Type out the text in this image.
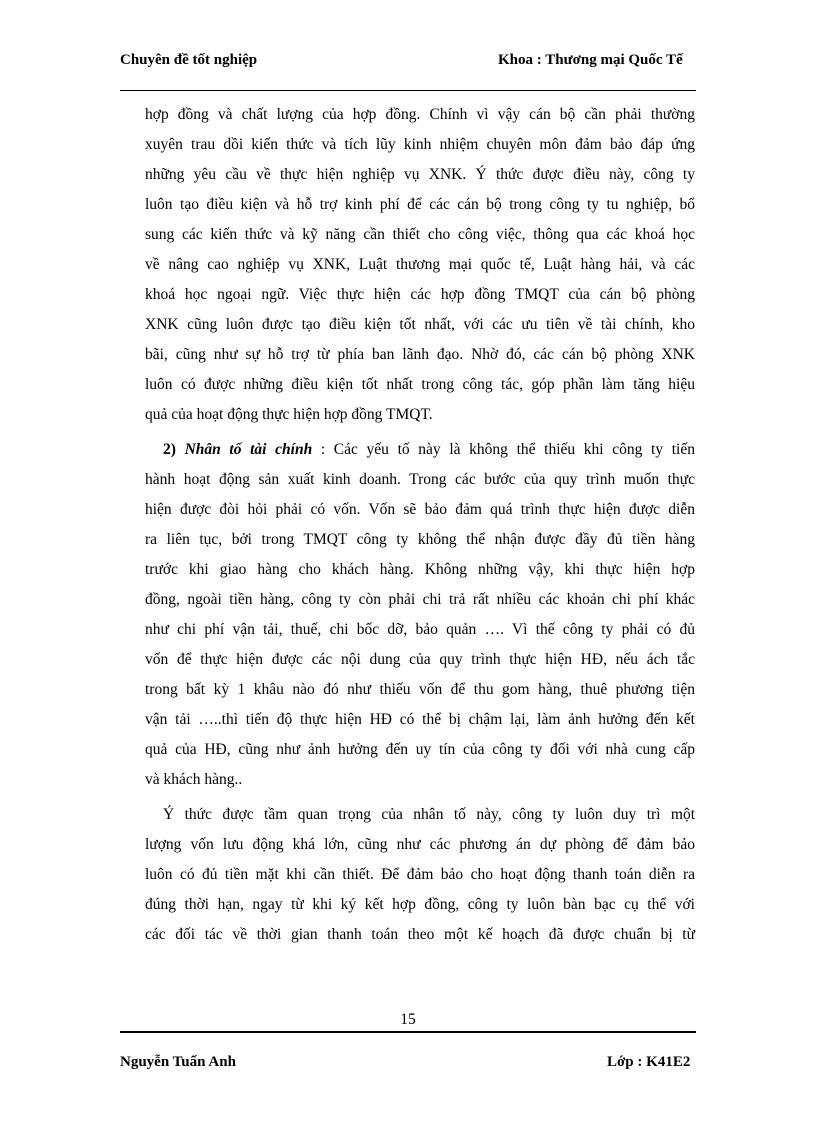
Chuyên đề tốt nghiệp	Khoa : Thương mại Quốc Tế
hợp đồng và chất lượng của hợp đồng. Chính vì vậy cán bộ cần phải thường
xuyên trau dồi kiến thức và tích lũy kinh nhiệm chuyên môn đảm bảo đáp ứng
những yêu cầu về thực hiện nghiệp vụ XNK. Ý thức được điều này, công ty
luôn tạo điều kiện và hỗ trợ kinh phí để các cán bộ trong công ty tu nghiệp, bổ
sung các kiến thức và kỹ năng cần thiết cho công việc, thông qua các khoá học
về nâng cao nghiệp vụ XNK, Luật thương mại quốc tế, Luật hàng hải, và các
khoá học ngoại ngữ. Việc thực hiện các hợp đồng TMQT của cán bộ phòng
XNK cũng luôn được tạo điều kiện tốt nhất, với các ưu tiên về tài chính, kho
bãi, cũng như sự hỗ trợ từ phía ban lãnh đạo. Nhờ đó, các cán bộ phòng XNK
luôn có được những điều kiện tốt nhất trong công tác, góp phần làm tăng hiệu
quả của hoạt động thực hiện hợp đồng TMQT.
2) Nhân tố tài chính : Các yếu tố này là không thể thiếu khi công ty tiến
hành hoạt động sản xuất kinh doanh. Trong các bước của quy trình muốn thực
hiện được đòi hỏi phải có vốn. Vốn sẽ bảo đảm quá trình thực hiện được diễn
ra liên tục, bởi trong TMQT công ty không thể nhận được đầy đủ tiền hàng
trước khi giao hàng cho khách hàng. Không những vậy, khi thực hiện hợp
đồng, ngoài tiền hàng, công ty còn phải chi trả rất nhiều các khoản chi phí khác
như chi phí vận tải, thuế, chi bốc dỡ, bảo quản …. Vì thế công ty phải có đủ
vốn để thực hiện được các nội dung của quy trình thực hiện HĐ, nếu ách tắc
trong bất kỳ 1 khâu nào đó như thiếu vốn để thu gom hàng, thuê phương tiện
vận tải …..thì tiến độ thực hiện HĐ có thể bị chậm lại, làm ảnh hưởng đến kết
quả của HĐ, cũng như ảnh hưởng đến uy tín của công ty đối với nhà cung cấp
và khách hàng..
Ý thức được tầm quan trọng của nhân tố này, công ty luôn duy trì một
lượng vốn lưu động khá lớn, cũng như các phương án dự phòng để đảm bảo
luôn có đủ tiền mặt khi cần thiết. Để đảm bảo cho hoạt động thanh toán diễn ra
đúng thời hạn, ngay từ khi ký kết hợp đồng, công ty luôn bàn bạc cụ thể với
các đối tác về thời gian thanh toán theo một kế hoạch đã được chuẩn bị từ
15
Nguyễn Tuấn Anh	Lớp : K41E2
